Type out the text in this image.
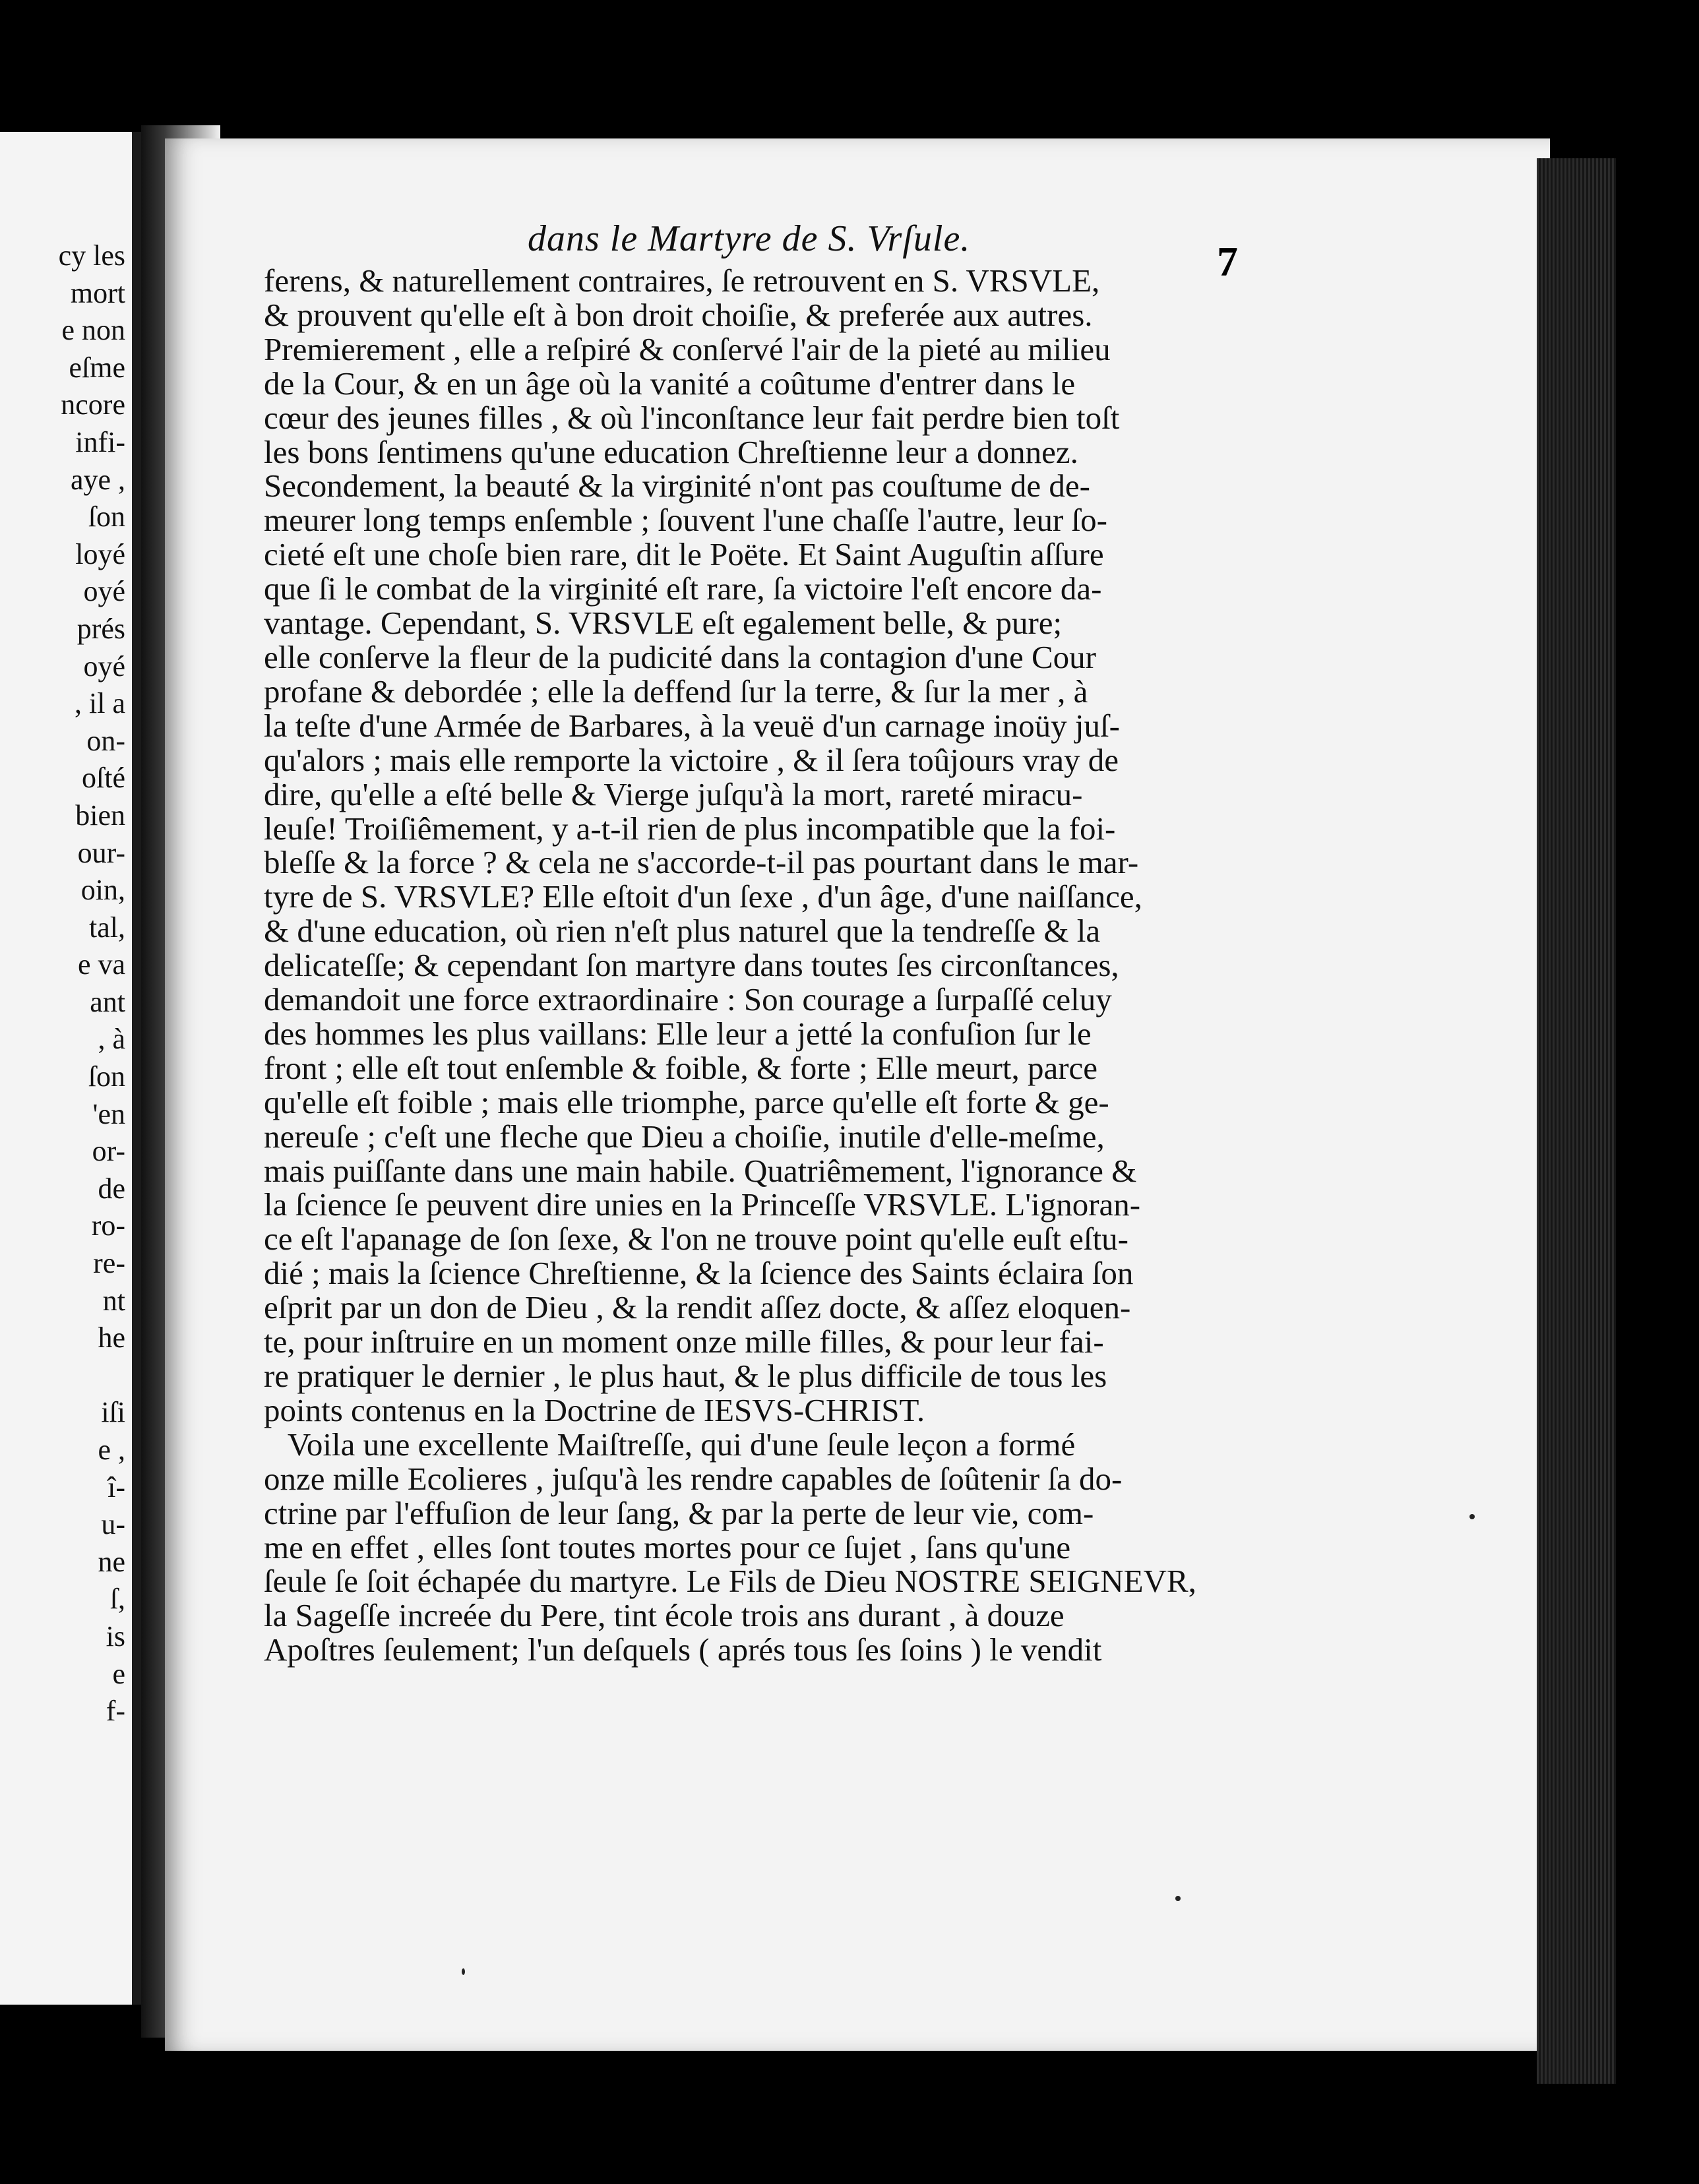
cy les
mort
e non
eſme
ncore
infi-
aye ,
ſon
loyé
oyé
prés
oyé
, il a
on-
oſté
bien
our-
oin,
tal,
e va
ant
, à
ſon
'en
or-
de
ro-
re-
nt
he

iſi
e ,
î-
u-
ne
ſ,
is
e
f-
dans le Martyre de S. Vrſule.	7
ferens, & naturellement contraires, ſe retrouvent en S. VRSVLE,
& prouvent qu'elle eſt à bon droit choiſie, & preferée aux autres.
Premierement , elle a reſpiré & conſervé l'air de la pieté au milieu
de la Cour, & en un âge où la vanité a coûtume d'entrer dans le
cœur des jeunes filles , & où l'inconſtance leur fait perdre bien toſt
les bons ſentimens qu'une education Chreſtienne leur a donnez.
Secondement, la beauté & la virginité n'ont pas couſtume de de-
meurer long temps enſemble ; ſouvent l'une chaſſe l'autre, leur ſo-
cieté eſt une choſe bien rare, dit le Poëte. Et Saint Auguſtin aſſure
que ſi le combat de la virginité eſt rare, ſa victoire l'eſt encore da-
vantage. Cependant, S. VRSVLE eſt egalement belle, & pure;
elle conſerve la fleur de la pudicité dans la contagion d'une Cour
profane & debordée ; elle la deffend ſur la terre, & ſur la mer , à
la teſte d'une Armée de Barbares, à la veuë d'un carnage inoüy juſ-
qu'alors ; mais elle remporte la victoire , & il ſera toûjours vray de
dire, qu'elle a eſté belle & Vierge juſqu'à la mort, rareté miracu-
leuſe! Troiſiêmement, y a-t-il rien de plus incompatible que la foi-
bleſſe & la force ? & cela ne s'accorde-t-il pas pourtant dans le mar-
tyre de S. VRSVLE? Elle eſtoit d'un ſexe , d'un âge, d'une naiſſance,
& d'une education, où rien n'eſt plus naturel que la tendreſſe & la
delicateſſe; & cependant ſon martyre dans toutes ſes circonſtances,
demandoit une force extraordinaire : Son courage a ſurpaſſé celuy
des hommes les plus vaillans: Elle leur a jetté la confuſion ſur le
front ; elle eſt tout enſemble & foible, & forte ; Elle meurt, parce
qu'elle eſt foible ; mais elle triomphe, parce qu'elle eſt forte & ge-
nereuſe ; c'eſt une fleche que Dieu a choiſie, inutile d'elle-meſme,
mais puiſſante dans une main habile. Quatriêmement, l'ignorance &
la ſcience ſe peuvent dire unies en la Princeſſe VRSVLE. L'ignoran-
ce eſt l'apanage de ſon ſexe, & l'on ne trouve point qu'elle euſt eſtu-
dié ; mais la ſcience Chreſtienne, & la ſcience des Saints éclaira ſon
eſprit par un don de Dieu , & la rendit aſſez docte, & aſſez eloquen-
te, pour inſtruire en un moment onze mille filles, & pour leur fai-
re pratiquer le dernier , le plus haut, & le plus difficile de tous les
points contenus en la Doctrine de IESVS-CHRIST.
Voila une excellente Maiſtreſſe, qui d'une ſeule leçon a formé
onze mille Ecolieres , juſqu'à les rendre capables de ſoûtenir ſa do-
ctrine par l'effuſion de leur ſang, & par la perte de leur vie, com-
me en effet , elles ſont toutes mortes pour ce ſujet , ſans qu'une
ſeule ſe ſoit échapée du martyre. Le Fils de Dieu NOSTRE SEIGNEVR,
la Sageſſe increée du Pere, tint école trois ans durant , à douze
Apoſtres ſeulement; l'un deſquels ( aprés tous ſes ſoins ) le vendit
